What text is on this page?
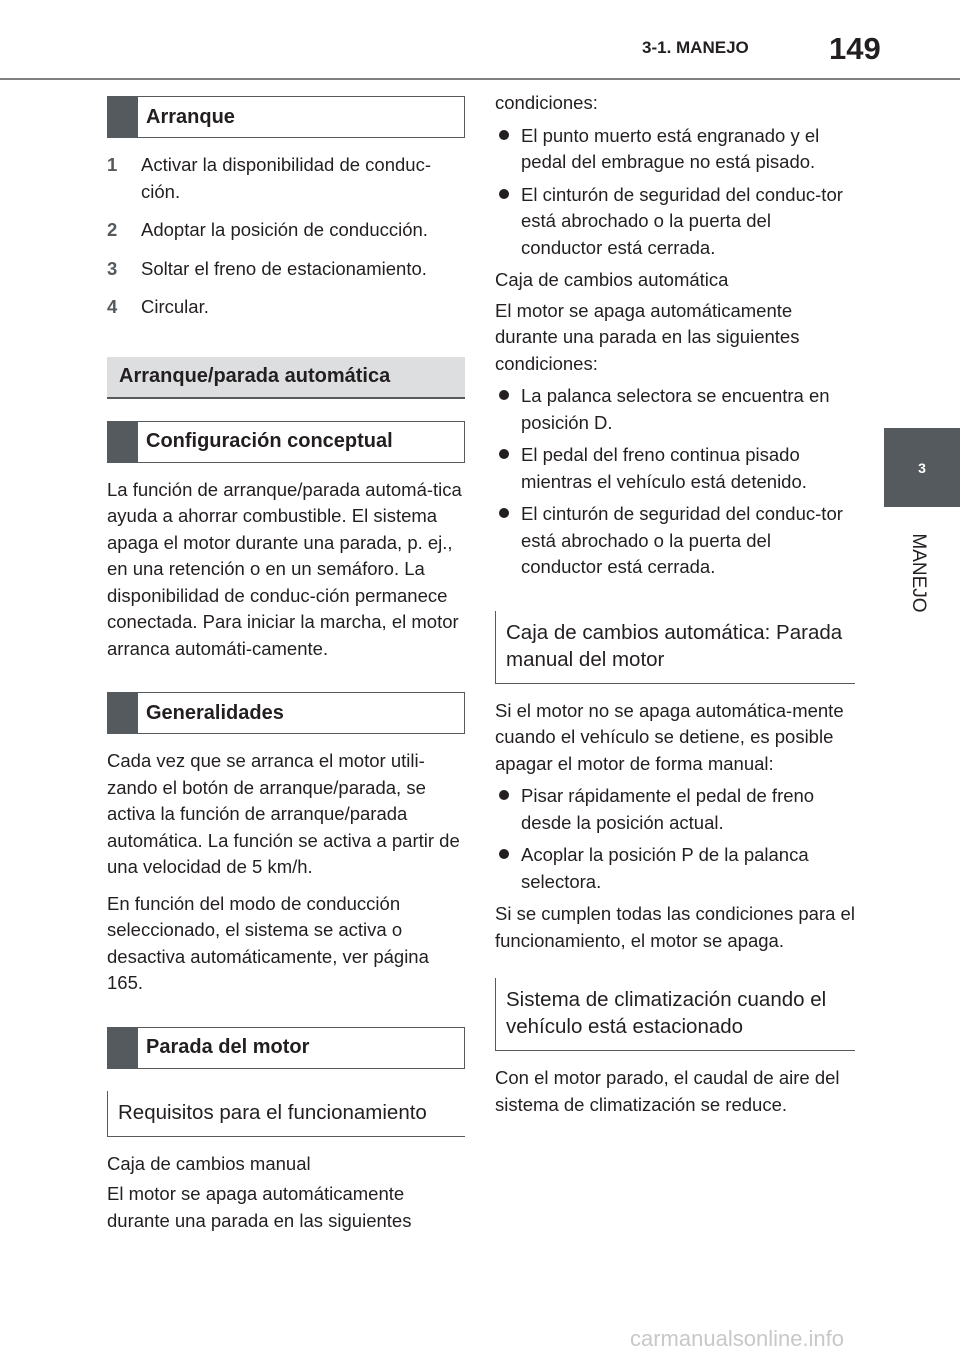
3-1. MANEJO	149
3
MANEJO
Arranque
1	Activar la disponibilidad de conduc-ción.
2	Adoptar la posición de conducción.
3	Soltar el freno de estacionamiento.
4	Circular.
Arranque/parada automática
Configuración conceptual

La función de arranque/parada automá-tica ayuda a ahorrar combustible. El sistema apaga el motor durante una parada, p. ej., en una retención o en un semáforo. La disponibilidad de conduc-ción permanece conectada. Para iniciar la marcha, el motor arranca automáti-camente.

Generalidades

Cada vez que se arranca el motor utili-zando el botón de arranque/parada, se activa la función de arranque/parada automática. La función se activa a partir de una velocidad de 5 km/h.

En función del modo de conducción seleccionado, el sistema se activa o desactiva automáticamente, ver página 165.

Parada del motor
Requisitos para el funcionamiento

Caja de cambios manual

El motor se apaga automáticamente durante una parada en las siguientes

condiciones:

El punto muerto está engranado y el pedal del embrague no está pisado.
El cinturón de seguridad del conduc-tor está abrochado o la puerta del conductor está cerrada.

Caja de cambios automática

El motor se apaga automáticamente durante una parada en las siguientes condiciones:

La palanca selectora se encuentra en posición D.
El pedal del freno continua pisado mientras el vehículo está detenido.
El cinturón de seguridad del conduc-tor está abrochado o la puerta del conductor está cerrada.
Caja de cambios automática: Parada manual del motor

Si el motor no se apaga automática-mente cuando el vehículo se detiene, es posible apagar el motor de forma manual:

Pisar rápidamente el pedal de freno desde la posición actual.
Acoplar la posición P de la palanca selectora.

Si se cumplen todas las condiciones para el funcionamiento, el motor se apaga.

Sistema de climatización cuando el vehículo está estacionado

Con el motor parado, el caudal de aire del sistema de climatización se reduce.

carmanualsonline.info
